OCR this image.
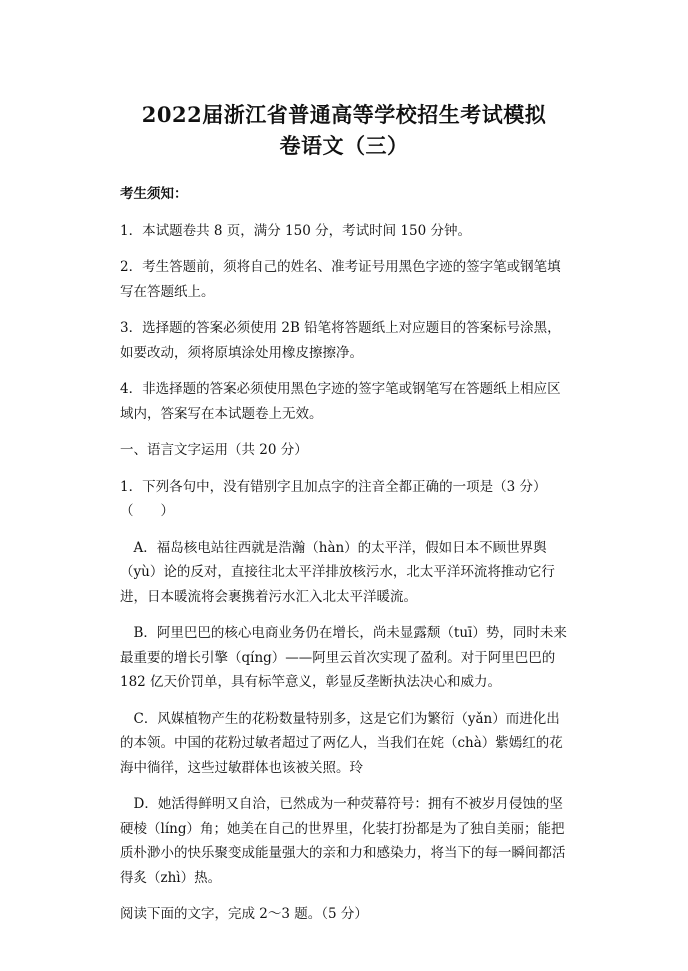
2022届浙江省普通高等学校招生考试模拟
卷语文（三）

考生须知：

1．本试题卷共 8 页，满分 150 分，考试时间 150 分钟。

2．考生答题前，须将自己的姓名、准考证号用黑色字迹的签字笔或钢笔填写在答题纸上。

3．选择题的答案必须使用 2B 铅笔将答题纸上对应题目的答案标号涂黑，如要改动，须将原填涂处用橡皮擦擦净。

4．非选择题的答案必须使用黑色字迹的签字笔或钢笔写在答题纸上相应区域内，答案写在本试题卷上无效。

一、语言文字运用（共 20 分）

1．下列各句中，没有错别字且加点字的注音全都正确的一项是（3 分）（　　）

A．福岛核电站往西就是浩瀚（hàn）的太平洋，假如日本不顾世界舆（yù）论的反对，直接往北太平洋排放核污水，北太平洋环流将推动它行进，日本暖流将会裹携着污水汇入北太平洋暖流。

B．阿里巴巴的核心电商业务仍在增长，尚未显露颓（tuī）势，同时未来最重要的增长引擎（qíng）——阿里云首次实现了盈利。对于阿里巴巴的 182 亿天价罚单，具有标竿意义，彰显反垄断执法决心和威力。

C．风媒植物产生的花粉数量特别多，这是它们为繁衍（yǎn）而进化出的本领。中国的花粉过敏者超过了两亿人，当我们在姹（chà）紫嫣红的花海中徜徉，这些过敏群体也该被关照。玲

D．她活得鲜明又自洽，已然成为一种荧幕符号：拥有不被岁月侵蚀的坚硬棱（líng）角；她美在自己的世界里，化装打扮都是为了独自美丽；能把质朴渺小的快乐聚变成能量强大的亲和力和感染力，将当下的每一瞬间都活得炙（zhì）热。

阅读下面的文字，完成 2～3 题。（5 分）
